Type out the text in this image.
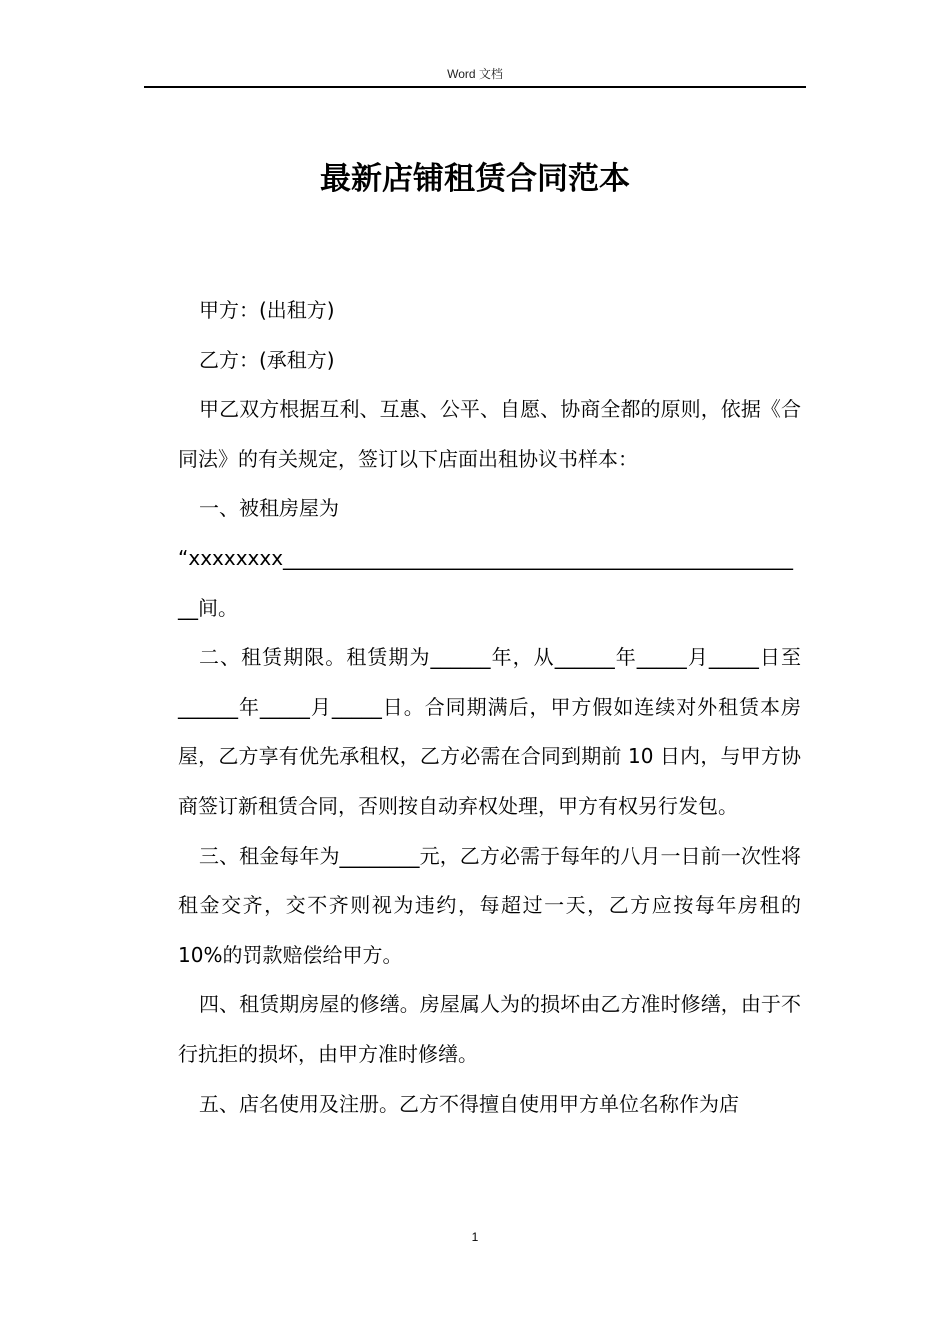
Word 文档
最新店铺租赁合同范本

甲方：(出租方)

乙方：(承租方)

甲乙双方根据互利、互惠、公平、自愿、协商全都的原则，依据《合同法》的有关规定，签订以下店面出租协议书样本：

一、被租房屋为

“xxxxxxxx_____________________________________________________间。

二、租赁期限。租赁期为______年，从______年_____月_____日至______年_____月_____日。合同期满后，甲方假如连续对外租赁本房屋，乙方享有优先承租权，乙方必需在合同到期前 10 日内，与甲方协商签订新租赁合同，否则按自动弃权处理，甲方有权另行发包。

三、租金每年为________元，乙方必需于每年的八月一日前一次性将租金交齐，交不齐则视为违约，每超过一天，乙方应按每年房租的 10%的罚款赔偿给甲方。

四、租赁期房屋的修缮。房屋属人为的损坏由乙方准时修缮，由于不行抗拒的损坏，由甲方准时修缮。

五、店名使用及注册。乙方不得擅自使用甲方单位名称作为店

1
